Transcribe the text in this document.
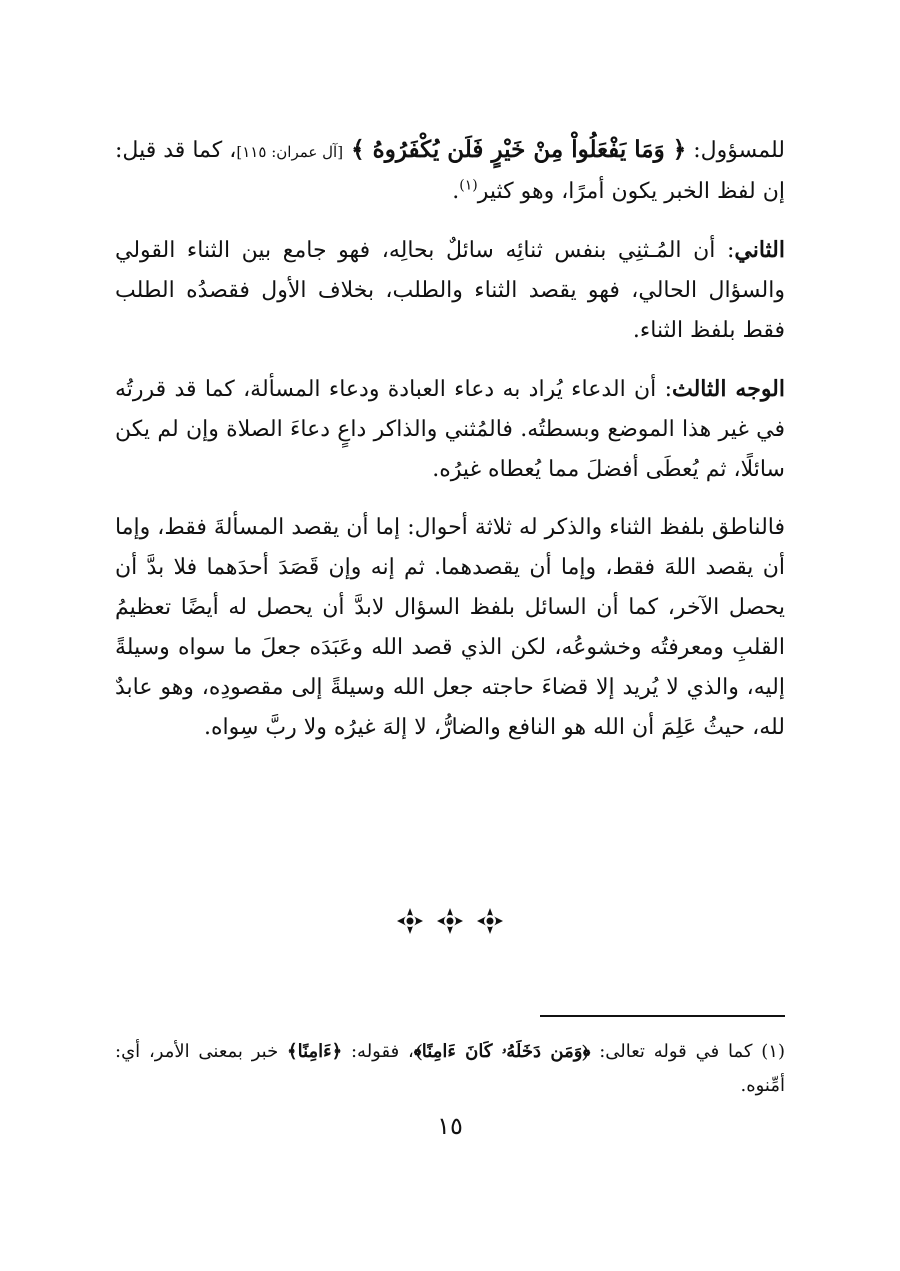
للمسؤول: ﴿ وَمَا يَفْعَلُواْ مِنْ خَيْرٍ فَلَن يُكْفَرُوهُ ﴾ [آل عمران: ١١٥]، كما قد قيل: إن لفظ الخبر يكون أمرًا، وهو كثير$^{(١)}$.

الثاني: أن المُـثنِي بنفس ثنائِه سائلٌ بحالِه، فهو جامع بين الثناء القولي والسؤال الحالي، فهو يقصد الثناء والطلب، بخلاف الأول فقصدُه الطلب فقط بلفظ الثناء.

الوجه الثالث: أن الدعاء يُراد به دعاء العبادة ودعاء المسألة، كما قد قررتُه في غير هذا الموضع وبسطتُه. فالمُثني والذاكر داعٍ دعاءَ الصلاة وإن لم يكن سائلًا، ثم يُعطَى أفضلَ مما يُعطاه غيرُه.

فالناطق بلفظ الثناء والذكر له ثلاثة أحوال: إما أن يقصد المسألةَ فقط، وإما أن يقصد اللهَ فقط، وإما أن يقصدهما. ثم إنه وإن قَصَدَ أحدَهما فلا بدَّ أن يحصل الآخر، كما أن السائل بلفظ السؤال لابدَّ أن يحصل له أيضًا تعظيمُ القلبِ ومعرفتُه وخشوعُه، لكن الذي قصد الله وعَبَدَه جعلَ ما سواه وسيلةً إليه، والذي لا يُريد إلا قضاءَ حاجته جعل الله وسيلةً إلى مقصودِه، وهو عابدٌ لله، حيثُ عَلِمَ أن الله هو النافع والضارُّ، لا إلهَ غيرُه ولا ربَّ سِواه.

(١) كما في قوله تعالى: ﴿وَمَن دَخَلَهُۥ كَانَ ءَامِنًا﴾، فقوله: ﴿ءَامِنًا﴾ خبر بمعنى الأمر، أي: أمِّنوه.

١٥
